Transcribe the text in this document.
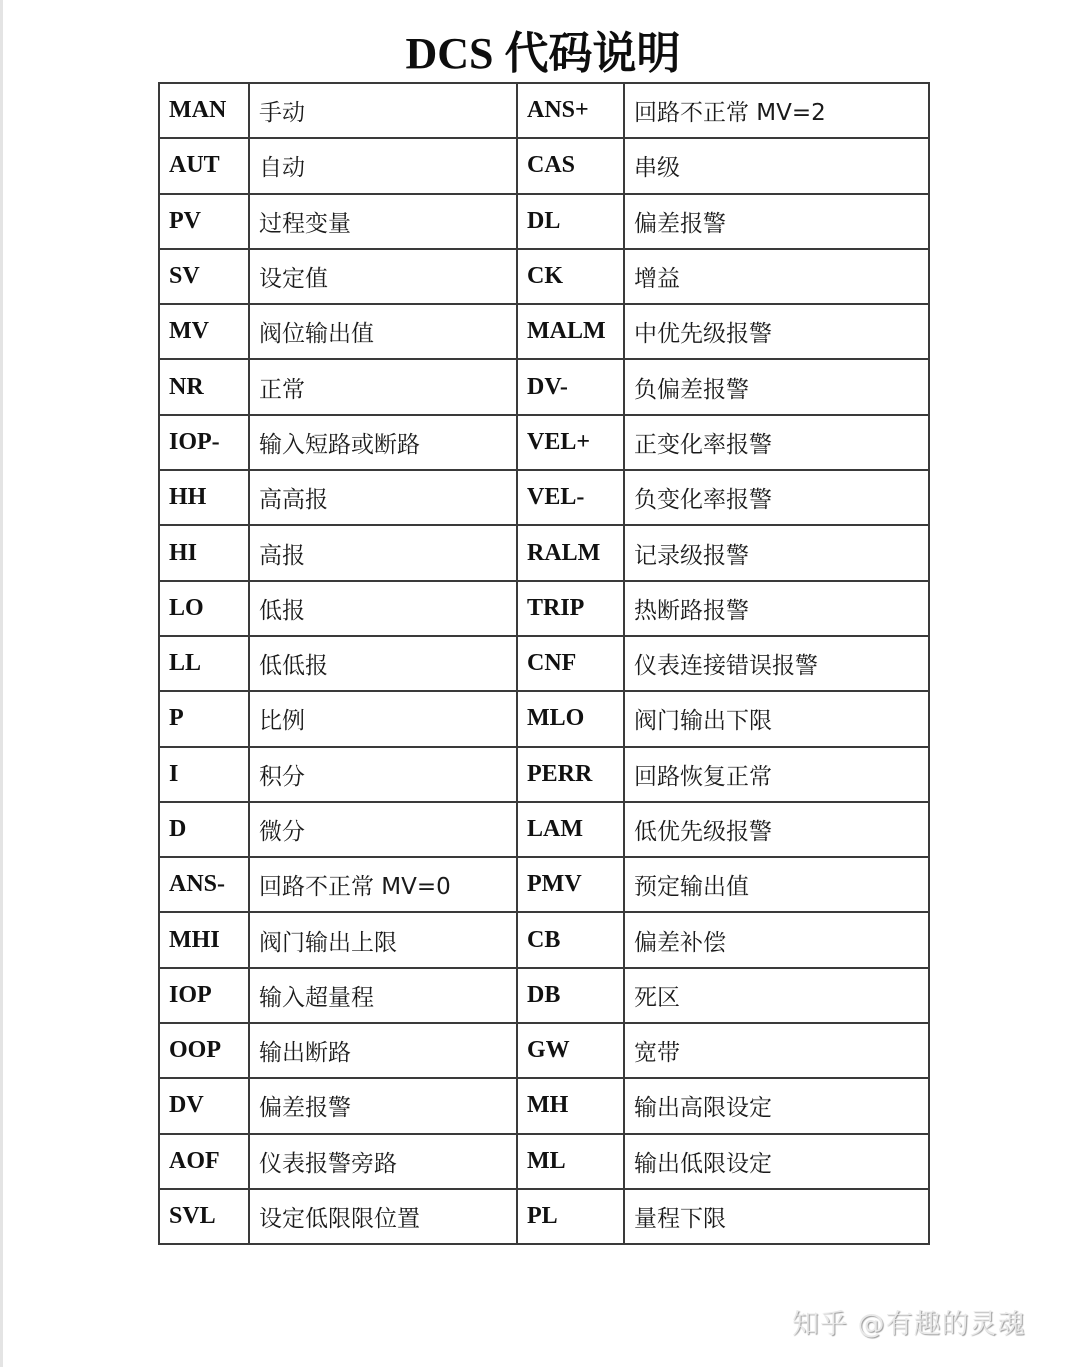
DCS 代码说明
MAN	手动	ANS+	回路不正常 MV=2
AUT	自动	CAS	串级
PV	过程变量	DL	偏差报警
SV	设定值	CK	增益
MV	阀位输出值	MALM	中优先级报警
NR	正常	DV-	负偏差报警
IOP-	输入短路或断路	VEL+	正变化率报警
HH	高高报	VEL-	负变化率报警
HI	高报	RALM	记录级报警
LO	低报	TRIP	热断路报警
LL	低低报	CNF	仪表连接错误报警
P	比例	MLO	阀门输出下限
I	积分	PERR	回路恢复正常
D	微分	LAM	低优先级报警
ANS-	回路不正常 MV=0	PMV	预定输出值
MHI	阀门输出上限	CB	偏差补偿
IOP	输入超量程	DB	死区
OOP	输出断路	GW	宽带
DV	偏差报警	MH	输出高限设定
AOF	仪表报警旁路	ML	输出低限设定
SVL	设定低限限位置	PL	量程下限
知乎 @有趣的灵魂
